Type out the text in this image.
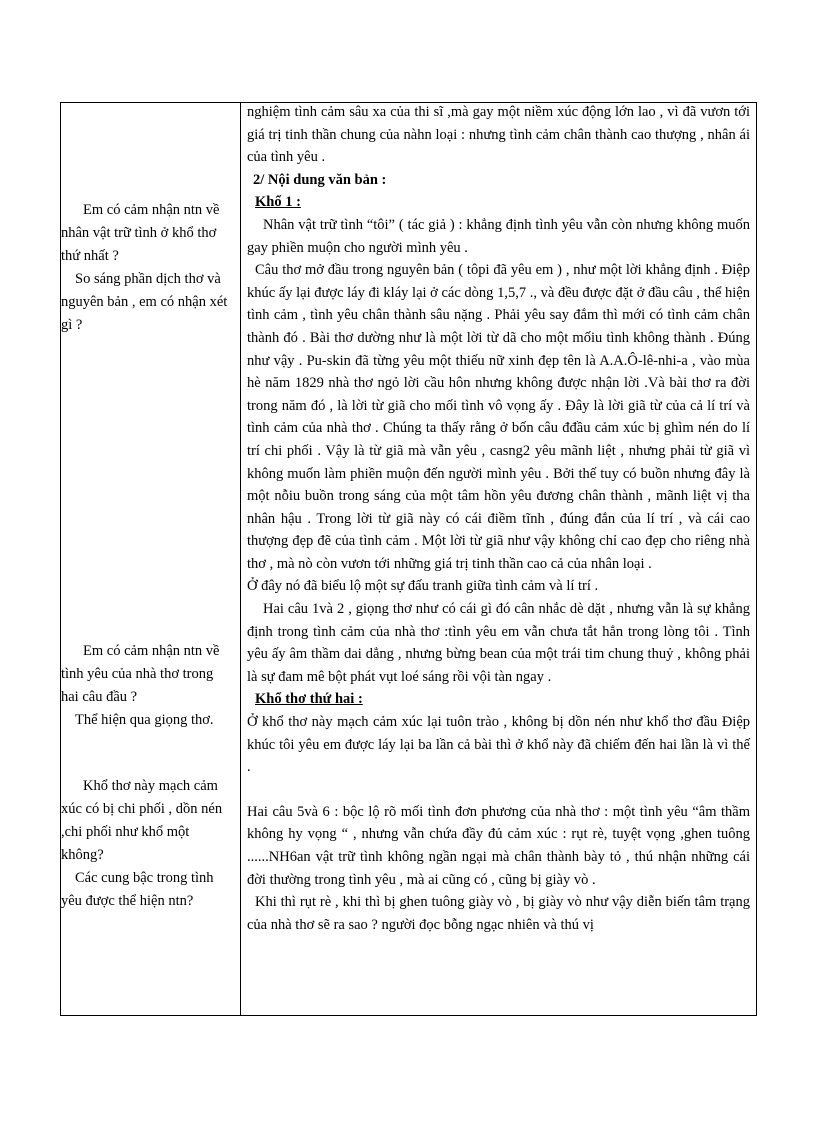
Em có cảm nhận ntn về nhân vật trữ tình ở khổ thơ thứ nhất ?

So sáng phần dịch thơ và nguyên bản , em có nhận xét gì ?

Em có cảm nhận ntn về tình yêu của nhà thơ trong hai câu đầu ?

Thể hiện qua giọng thơ.

Khổ thơ này mạch cảm xúc có bị chi phối , dồn nén ,chi phối như khổ một không?

Các cung bậc trong tình yêu được thể hiện ntn?

nghiệm tình cảm sâu xa của thi sĩ ,mà gay một niềm xúc động lớn lao , vì đã vươn tới giá trị tinh thần chung của nàhn loại : nhưng tình cảm chân thành cao thượng , nhân ái của tình yêu .

2/ Nội dung văn bản :

Khổ 1 :

Nhân vật trữ tình “tôi” ( tác giả ) : khẳng định tình yêu vẫn còn nhưng không muốn gay phiền muộn cho người mình yêu .

Câu thơ mở đầu trong nguyên bản ( tôpi đã yêu em ) , như một lời khẳng định . Điệp khúc ấy lại được láy đi kláy lại ở các dòng 1,5,7 ., và đều được đặt ở đầu câu , thể hiện tình cảm , tình yêu chân thành sâu nặng . Phải yêu say đắm thì mới có tình cảm chân thành đó . Bài thơ dường như là một lời từ dã cho một mốiu tình không thành . Đúng như vậy . Pu-skin đã từng yêu một thiếu nữ xinh đẹp tên là A.A.Ô-lê-nhi-a , vào mùa hè năm 1829 nhà thơ ngỏ lời cầu hôn nhưng không được nhận lời .Và bài thơ ra đời trong năm đó , là lời từ giã cho mối tình vô vọng ấy . Đây là lời giã từ của cả lí trí và tình cảm của nhà thơ . Chúng ta thấy rằng ở bốn câu đđầu cảm xúc bị ghìm nén do lí trí chi phối . Vậy là từ giã mà vẫn yêu , casng2 yêu mãnh liệt , nhưng phải từ giã vì không muốn làm phiền muộn đến người mình yêu . Bởi thế tuy có buồn nhưng đây là một nỗiu buồn trong sáng của một tâm hồn yêu đương chân thành , mãnh liệt vị tha nhân hậu . Trong lời từ giã này có cái điềm tĩnh , đúng đắn của lí trí , và cái cao thượng đẹp đẽ của tình cảm . Một lời từ giã như vậy không chỉ cao đẹp cho riêng nhà thơ , mà nò còn vươn tới những giá trị tinh thần cao cả của nhân loại .

Ở đây nó đã biểu lộ một sự đấu tranh giữa tình cảm và lí trí .

Hai câu 1và 2 , giọng thơ như có cái gì đó cân nhắc dè dặt , nhưng vẫn là sự khẳng định trong tình cảm của nhà thơ :tình yêu em vẫn chưa tắt hẳn trong lòng tôi . Tình yêu ấy âm thầm dai dẳng , nhưng bừng bean của một trái tim chung thuỷ , không phải là sự đam mê bột phát vụt loé sáng rồi vội tàn ngay .

Khổ thơ thứ hai :

Ở khổ thơ này mạch cảm xúc lại tuôn trào , không bị dồn nén như khổ thơ đầu Điệp khúc tôi yêu em được láy lại ba lần cả bài thì ở khổ này đã chiếm đến hai lần là vì thế .

Hai câu 5và 6 : bộc lộ rõ mối tình đơn phương của nhà thơ : một tình yêu “âm thầm không hy vọng “ , nhưng vẫn chứa đầy đủ cảm xúc : rụt rè, tuyệt vọng ,ghen tuông ......NH6an vật trữ tình không ngần ngại mà chân thành bày tỏ , thú nhận những cái đời thường trong tình yêu , mà ai cũng có , cũng bị giày vò .

Khi thì rụt rè , khi thì bị ghen tuông giày vò , bị giày vò như vậy diễn biến tâm trạng của nhà thơ sẽ ra sao ? người đọc bỗng ngạc nhiên và thú vị
